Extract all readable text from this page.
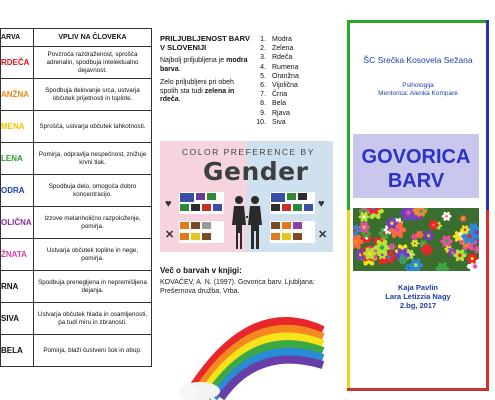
ARVA	VPLIV NA ČLOVEKA
RDEČA	Povzroča razdraženost, sprošča adrenalin, spodbuja intelektualno dejavnost.
ANŽNA	Spodbuja delovanje srca, ustvarja občutek prijetnosti in toplote.
MENA	Sprošča, ustvarja občutek lahkotnosti.
LENA	Pomirja, odpravlja nespečnost, znižuje krvni tlak.
ODRA	Spodbuja delo, omogoča dobro koncentracijo.
OLIČNA	Izzove melanholično razpoloženje, pomirja.
ŽNATA	Ustvarja občutek topline in nege, pomirja.
RNA	Spodbuja prenegljena in nepremišljena dejanja.
SIVA	Ustvarja občutek hlada in osamljenosti, pa tudi miru in zbranosti.
BELA	Pomirja, blaži čustveni šok in obup.
PRILJUBLJENOST BARV V SLOVENIJI
Najbolj priljubljena je modra barva.
Zelo priljubljeni pri obeh spolih sta tudi zelena in rdeča.
1. Modra
2. Zelena
3. Rdeča
4. Rumena
5. Oranžna
6. Vijolična
7. Črna
8. Bela
9. Rjava
10. Siva
COLOR PREFERENCE BY
Gender
♥
✕
♥
✕
Več o barvah v knjigi:
KOVAČEV, A. N. (1997). Govorica barv. Ljubljana: Prešernova družba, Vrba.
ŠC Srečka Kosovela Sežana
Psihologija
Mentorica: Alenka Kompare
GOVORICA
BARV
Kaja Pavlin
Lara Letizzia Nagy
2.bg, 2017
